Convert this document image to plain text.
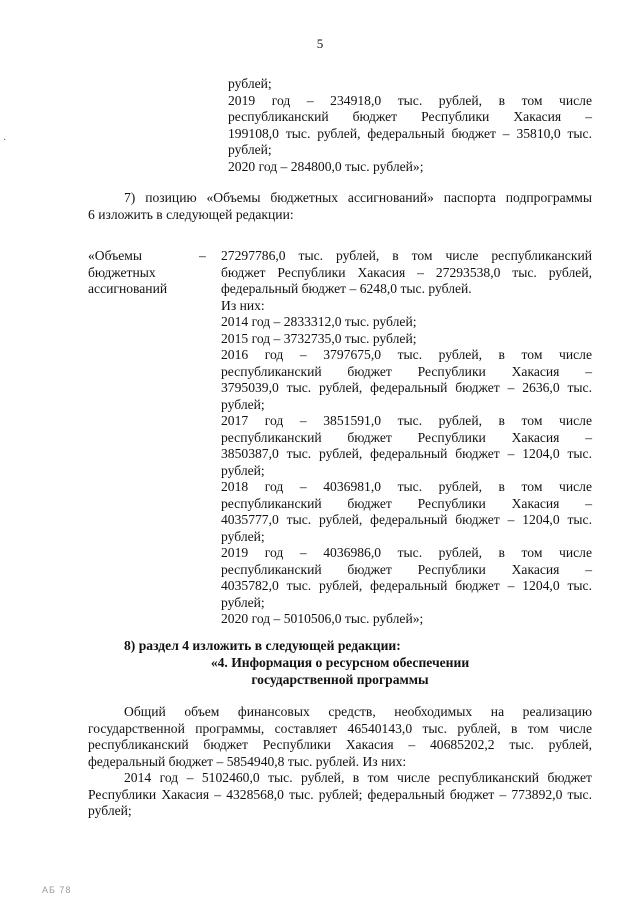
5
·
рублей;
2019 год – 234918,0 тыс. рублей, в том числе
республиканский бюджет Республики Хакасия –
199108,0 тыс. рублей, федеральный бюджет – 35810,0 тыс.
рублей;
2020 год – 284800,0 тыс. рублей»;
7) позицию «Объемы бюджетных ассигнований» паспорта подпрограммы
6 изложить в следующей редакции:
«Объемы
бюджетных
ассигнований
– 27297786,0 тыс. рублей, в том числе республиканский
бюджет Республики Хакасия – 27293538,0 тыс. рублей,
федеральный бюджет – 6248,0 тыс. рублей.
Из них:
2014 год – 2833312,0 тыс. рублей;
2015 год – 3732735,0 тыс. рублей;
2016 год – 3797675,0 тыс. рублей, в том числе
республиканский бюджет Республики Хакасия –
3795039,0 тыс. рублей, федеральный бюджет – 2636,0 тыс.
рублей;
2017 год – 3851591,0 тыс. рублей, в том числе
республиканский бюджет Республики Хакасия –
3850387,0 тыс. рублей, федеральный бюджет – 1204,0 тыс.
рублей;
2018 год – 4036981,0 тыс. рублей, в том числе
республиканский бюджет Республики Хакасия –
4035777,0 тыс. рублей, федеральный бюджет – 1204,0 тыс.
рублей;
2019 год – 4036986,0 тыс. рублей, в том числе
республиканский бюджет Республики Хакасия –
4035782,0 тыс. рублей, федеральный бюджет – 1204,0 тыс.
рублей;
2020 год – 5010506,0 тыс. рублей»;
8) раздел 4 изложить в следующей редакции:
«4. Информация о ресурсном обеспечении
государственной программы
Общий объем финансовых средств, необходимых на реализацию
государственной программы, составляет 46540143,0 тыс. рублей, в том числе
республиканский бюджет Республики Хакасия – 40685202,2 тыс. рублей,
федеральный бюджет – 5854940,8 тыс. рублей. Из них:
2014 год – 5102460,0 тыс. рублей, в том числе республиканский бюджет
Республики Хакасия – 4328568,0 тыс. рублей; федеральный бюджет – 773892,0 тыс.
рублей;
АБ 78
